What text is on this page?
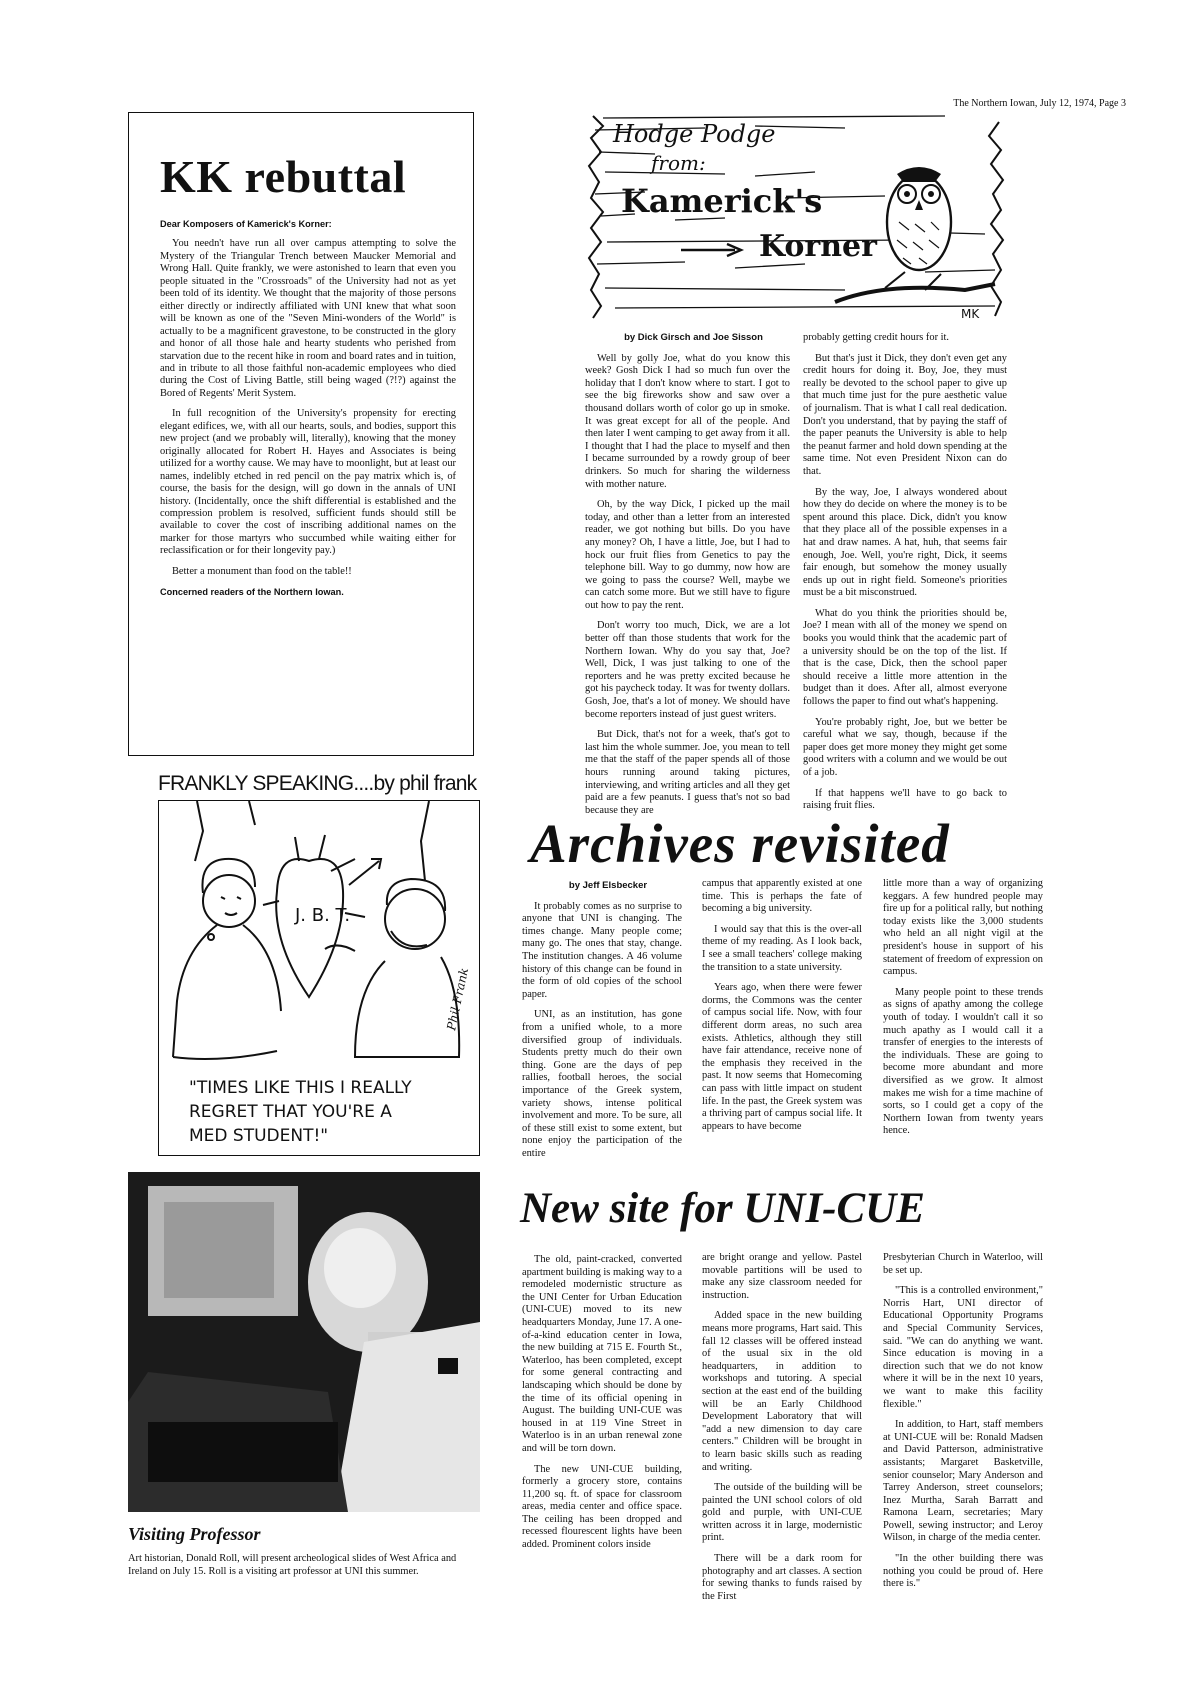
The Northern Iowan, July 12, 1974, Page 3
KK rebuttal

Dear Komposers of Kamerick's Korner:

You needn't have run all over campus attempting to solve the Mystery of the Triangular Trench between Maucker Memorial and Wrong Hall. Quite frankly, we were astonished to learn that even you people situated in the "Crossroads" of the University had not as yet been told of its identity. We thought that the majority of those persons either directly or indirectly affiliated with UNI knew that what soon will be known as one of the "Seven Mini-wonders of the World" is actually to be a magnificent gravestone, to be constructed in the glory and honor of all those hale and hearty students who perished from starvation due to the recent hike in room and board rates and in tuition, and in tribute to all those faithful non-academic employees who died during the Cost of Living Battle, still being waged (?!?) against the Bored of Regents' Merit System.

In full recognition of the University's propensity for erecting elegant edifices, we, with all our hearts, souls, and bodies, support this new project (and we probably will, literally), knowing that the money originally allocated for Robert H. Hayes and Associates is being utilized for a worthy cause. We may have to moonlight, but at least our names, indelibly etched in red pencil on the pay matrix which is, of course, the basis for the design, will go down in the annals of UNI history. (Incidentally, once the shift differential is established and the compression problem is resolved, sufficient funds should still be available to cover the cost of inscribing additional names on the marker for those martyrs who succumbed while waiting either for reclassification or for their longevity pay.)

Better a monument than food on the table!!

Concerned readers of the Northern Iowan.

Hodge Podge
from:
Kamerick's
Korner
MK

by Dick Girsch and Joe Sisson

Well by golly Joe, what do you know this week? Gosh Dick I had so much fun over the holiday that I don't know where to start. I got to see the big fireworks show and saw over a thousand dollars worth of color go up in smoke. It was great except for all of the people. And then later I went camping to get away from it all. I thought that I had the place to myself and then I became surrounded by a rowdy group of beer drinkers. So much for sharing the wilderness with mother nature.

Oh, by the way Dick, I picked up the mail today, and other than a letter from an interested reader, we got nothing but bills. Do you have any money? Oh, I have a little, Joe, but I had to hock our fruit flies from Genetics to pay the telephone bill. Way to go dummy, now how are we going to pass the course? Well, maybe we can catch some more. But we still have to figure out how to pay the rent.

Don't worry too much, Dick, we are a lot better off than those students that work for the Northern Iowan. Why do you say that, Joe? Well, Dick, I was just talking to one of the reporters and he was pretty excited because he got his paycheck today. It was for twenty dollars. Gosh, Joe, that's a lot of money. We should have become reporters instead of just guest writers.

But Dick, that's not for a week, that's got to last him the whole summer. Joe, you mean to tell me that the staff of the paper spends all of those hours running around taking pictures, interviewing, and writing articles and all they get paid are a few peanuts. I guess that's not so bad because they are

probably getting credit hours for it.

But that's just it Dick, they don't even get any credit hours for doing it. Boy, Joe, they must really be devoted to the school paper to give up that much time just for the pure aesthetic value of journalism. That is what I call real dedication. Don't you understand, that by paying the staff of the paper peanuts the University is able to help the peanut farmer and hold down spending at the same time. Not even President Nixon can do that.

By the way, Joe, I always wondered about how they do decide on where the money is to be spent around this place. Dick, didn't you know that they place all of the possible expenses in a hat and draw names. A hat, huh, that seems fair enough, Joe. Well, you're right, Dick, it seems fair enough, but somehow the money usually ends up out in right field. Someone's priorities must be a bit misconstrued.

What do you think the priorities should be, Joe? I mean with all of the money we spend on books you would think that the academic part of a university should be on the top of the list. If that is the case, Dick, then the school paper should receive a little more attention in the budget than it does. After all, almost everyone follows the paper to find out what's happening.

You're probably right, Joe, but we better be careful what we say, though, because if the paper does get more money they might get some good writers with a column and we would be out of a job.

If that happens we'll have to go back to raising fruit flies.

FRANKLY SPEAKING....by phil frank
J. B. T.
Phil Frank
"TIMES LIKE THIS I REALLY
REGRET THAT YOU'RE A
MED STUDENT!"
Visiting Professor
Art historian, Donald Roll, will present archeological slides of West Africa and Ireland on July 15. Roll is a visiting art professor at UNI this summer.
Archives revisited

by Jeff Elsbecker

It probably comes as no surprise to anyone that UNI is changing. The times change. Many people come; many go. The ones that stay, change. The institution changes. A 46 volume history of this change can be found in the form of old copies of the school paper.

UNI, as an institution, has gone from a unified whole, to a more diversified group of individuals. Students pretty much do their own thing. Gone are the days of pep rallies, football heroes, the social importance of the Greek system, variety shows, intense political involvement and more. To be sure, all of these still exist to some extent, but none enjoy the participation of the entire

campus that apparently existed at one time. This is perhaps the fate of becoming a big university.

I would say that this is the over-all theme of my reading. As I look back, I see a small teachers' college making the transition to a state university.

Years ago, when there were fewer dorms, the Commons was the center of campus social life. Now, with four different dorm areas, no such area exists. Athletics, although they still have fair attendance, receive none of the emphasis they received in the past. It now seems that Homecoming can pass with little impact on student life. In the past, the Greek system was a thriving part of campus social life. It appears to have become

little more than a way of organizing keggars. A few hundred people may fire up for a political rally, but nothing today exists like the 3,000 students who held an all night vigil at the president's house in support of his statement of freedom of expression on campus.

Many people point to these trends as signs of apathy among the college youth of today. I wouldn't call it so much apathy as I would call it a transfer of energies to the interests of the individuals. These are going to become more abundant and more diversified as we grow. It almost makes me wish for a time machine of sorts, so I could get a copy of the Northern Iowan from twenty years hence.

New site for UNI-CUE

The old, paint-cracked, converted apartment building is making way to a remodeled modernistic structure as the UNI Center for Urban Education (UNI-CUE) moved to its new headquarters Monday, June 17. A one-of-a-kind education center in Iowa, the new building at 715 E. Fourth St., Waterloo, has been completed, except for some general contracting and landscaping which should be done by the time of its official opening in August. The building UNI-CUE was housed in at 119 Vine Street in Waterloo is in an urban renewal zone and will be torn down.

The new UNI-CUE building, formerly a grocery store, contains 11,200 sq. ft. of space for classroom areas, media center and office space. The ceiling has been dropped and recessed flourescent lights have been added. Prominent colors inside

are bright orange and yellow. Pastel movable partitions will be used to make any size classroom needed for instruction.

Added space in the new building means more programs, Hart said. This fall 12 classes will be offered instead of the usual six in the old headquarters, in addition to workshops and tutoring. A special section at the east end of the building will be an Early Childhood Development Laboratory that will "add a new dimension to day care centers." Children will be brought in to learn basic skills such as reading and writing.

The outside of the building will be painted the UNI school colors of old gold and purple, with UNI-CUE written across it in large, modernistic print.

There will be a dark room for photography and art classes. A section for sewing thanks to funds raised by the First

Presbyterian Church in Waterloo, will be set up.

"This is a controlled environment," Norris Hart, UNI director of Educational Opportunity Programs and Special Community Services, said. "We can do anything we want. Since education is moving in a direction such that we do not know where it will be in the next 10 years, we want to make this facility flexible."

In addition, to Hart, staff members at UNI-CUE will be: Ronald Madsen and David Patterson, administrative assistants; Margaret Basketville, senior counselor; Mary Anderson and Tarrey Anderson, street counselors; Inez Murtha, Sarah Barratt and Ramona Learn, secretaries; Mary Powell, sewing instructor; and Leroy Wilson, in charge of the media center.

"In the other building there was nothing you could be proud of. Here there is."
